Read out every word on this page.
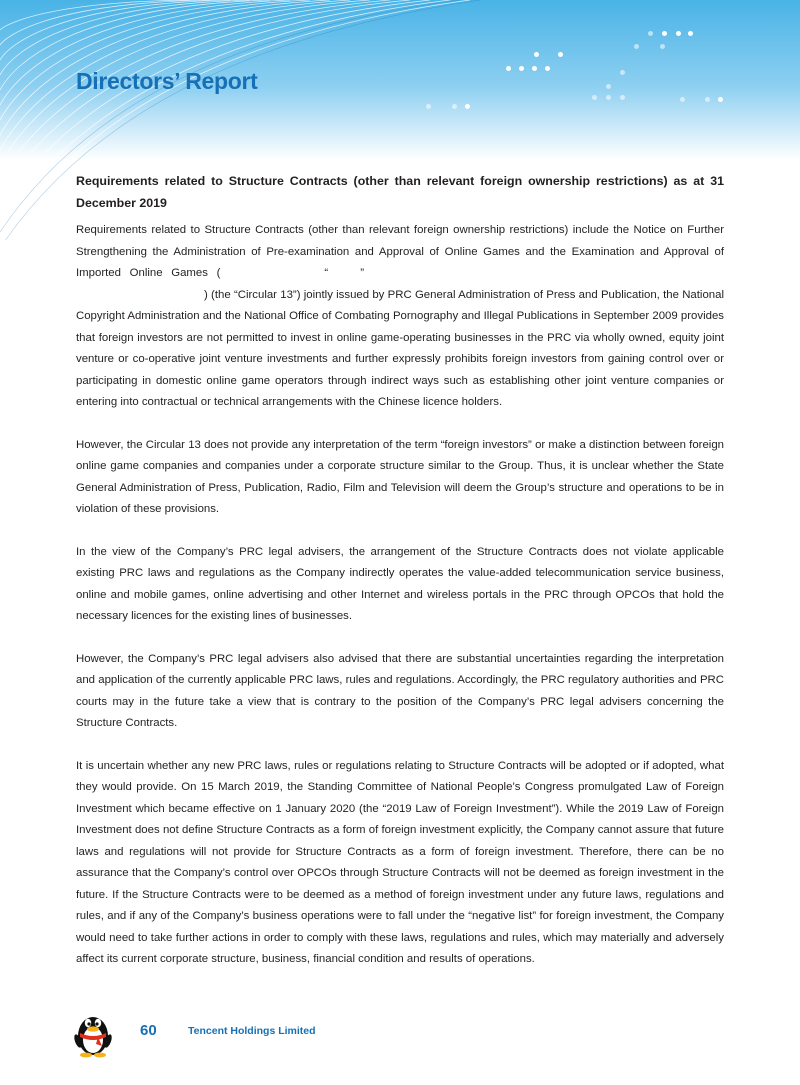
Directors’ Report
Requirements related to Structure Contracts (other than relevant foreign ownership restrictions) as at 31 December 2019

Requirements related to Structure Contracts (other than relevant foreign ownership restrictions) include the Notice on Further Strengthening the Administration of Pre-examination and Approval of Online Games and the Examination and Approval of Imported Online Games (	“	”) (the “Circular 13”) jointly issued by PRC General Administration of Press and Publication, the National Copyright Administration and the National Office of Combating Pornography and Illegal Publications in September 2009 provides that foreign investors are not permitted to invest in online game-operating businesses in the PRC via wholly owned, equity joint venture or co-operative joint venture investments and further expressly prohibits foreign investors from gaining control over or participating in domestic online game operators through indirect ways such as establishing other joint venture companies or entering into contractual or technical arrangements with the Chinese licence holders.

However, the Circular 13 does not provide any interpretation of the term “foreign investors” or make a distinction between foreign online game companies and companies under a corporate structure similar to the Group. Thus, it is unclear whether the State General Administration of Press, Publication, Radio, Film and Television will deem the Group’s structure and operations to be in violation of these provisions.

In the view of the Company’s PRC legal advisers, the arrangement of the Structure Contracts does not violate applicable existing PRC laws and regulations as the Company indirectly operates the value-added telecommunication service business, online and mobile games, online advertising and other Internet and wireless portals in the PRC through OPCOs that hold the necessary licences for the existing lines of businesses.

However, the Company’s PRC legal advisers also advised that there are substantial uncertainties regarding the interpretation and application of the currently applicable PRC laws, rules and regulations. Accordingly, the PRC regulatory authorities and PRC courts may in the future take a view that is contrary to the position of the Company’s PRC legal advisers concerning the Structure Contracts.

It is uncertain whether any new PRC laws, rules or regulations relating to Structure Contracts will be adopted or if adopted, what they would provide. On 15 March 2019, the Standing Committee of National People’s Congress promulgated Law of Foreign Investment which became effective on 1 January 2020 (the “2019 Law of Foreign Investment”). While the 2019 Law of Foreign Investment does not define Structure Contracts as a form of foreign investment explicitly, the Company cannot assure that future laws and regulations will not provide for Structure Contracts as a form of foreign investment. Therefore, there can be no assurance that the Company’s control over OPCOs through Structure Contracts will not be deemed as foreign investment in the future. If the Structure Contracts were to be deemed as a method of foreign investment under any future laws, regulations and rules, and if any of the Company’s business operations were to fall under the “negative list” for foreign investment, the Company would need to take further actions in order to comply with these laws, regulations and rules, which may materially and adversely affect its current corporate structure, business, financial condition and results of operations.

60	Tencent Holdings Limited
